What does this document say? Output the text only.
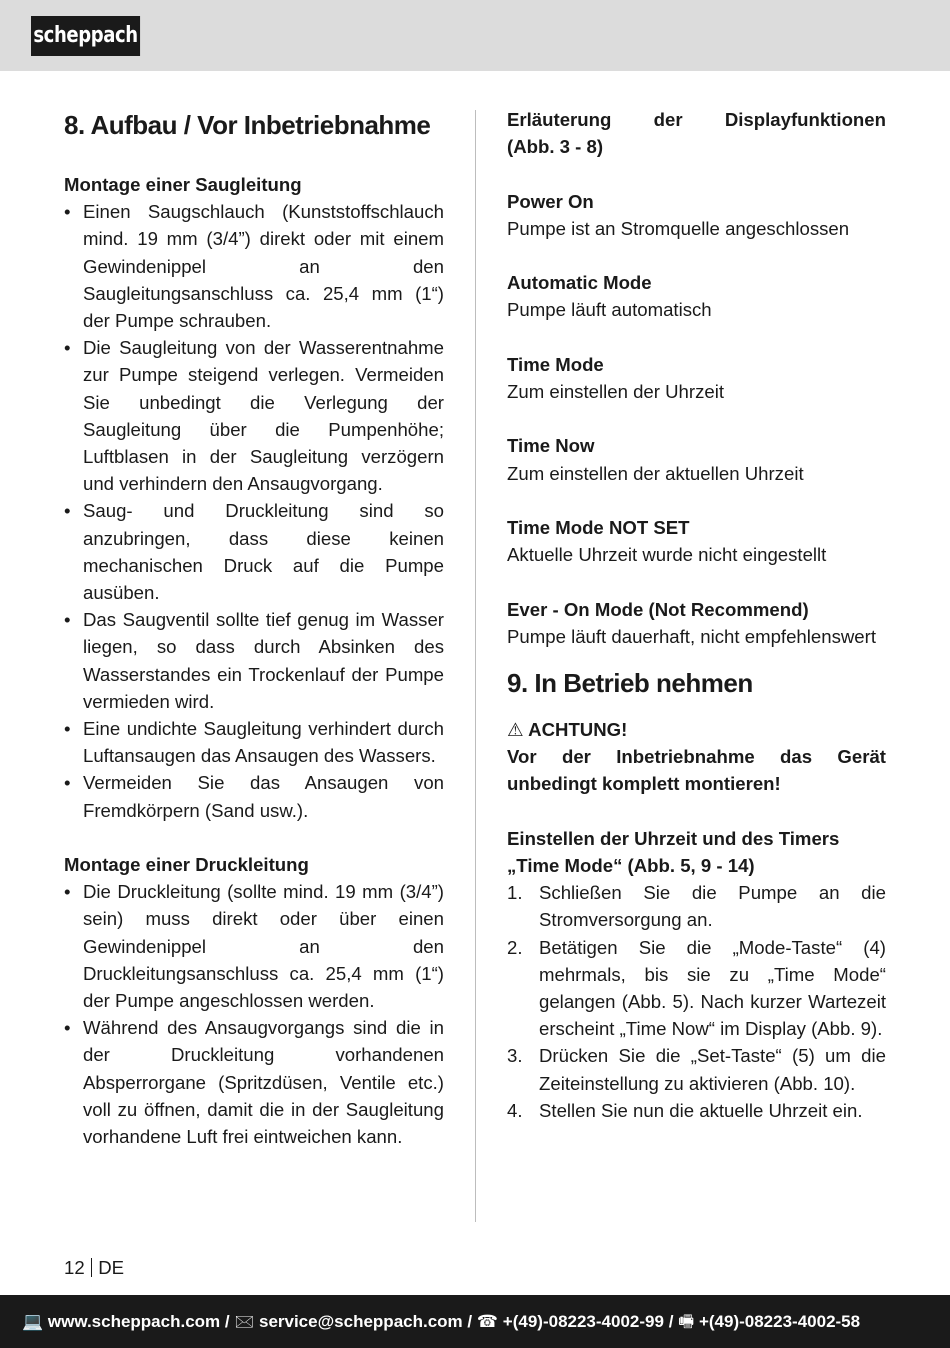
scheppach
8. Aufbau / Vor Inbetriebnahme
Montage einer Saugleitung
• Einen Saugschlauch (Kunststoffschlauch mind. 19 mm (3/4”) direkt oder mit einem Gewindenippel an den Saugleitungsanschluss ca. 25,4 mm (1“) der Pumpe schrauben.
• Die Saugleitung von der Wasserentnahme zur Pumpe steigend verlegen. Vermeiden Sie unbedingt die Verlegung der Saugleitung über die Pumpenhöhe; Luftblasen in der Saugleitung verzögern und verhindern den Ansaugvorgang.
• Saug- und Druckleitung sind so anzubringen, dass diese keinen mechanischen Druck auf die Pumpe ausüben.
• Das Saugventil sollte tief genug im Wasser liegen, so dass durch Absinken des Wasserstandes ein Trockenlauf der Pumpe vermieden wird.
• Eine undichte Saugleitung verhindert durch Luftansaugen das Ansaugen des Wassers.
• Vermeiden Sie das Ansaugen von Fremdkörpern (Sand usw.).
Montage einer Druckleitung
• Die Druckleitung (sollte mind. 19 mm (3/4”) sein) muss direkt oder über einen Gewindenippel an den Druckleitungsanschluss ca. 25,4 mm (1“) der Pumpe angeschlossen werden.
• Während des Ansaugvorgangs sind die in der Druckleitung vorhandenen Absperrorgane (Spritzdüsen, Ventile etc.) voll zu öffnen, damit die in der Saugleitung vorhandene Luft frei eintweichen kann.
Erläuterung der Displayfunktionen
(Abb. 3 - 8)
Power On
Pumpe ist an Stromquelle angeschlossen
Automatic Mode
Pumpe läuft automatisch
Time Mode
Zum einstellen der Uhrzeit
Time Now
Zum einstellen der aktuellen Uhrzeit
Time Mode NOT SET
Aktuelle Uhrzeit wurde nicht eingestellt
Ever - On Mode (Not Recommend)
Pumpe läuft dauerhaft, nicht empfehlenswert
9. In Betrieb nehmen
⚠ ACHTUNG!
Vor der Inbetriebnahme das Gerät unbedingt komplett montieren!
Einstellen der Uhrzeit und des Timers
„Time Mode“ (Abb. 5, 9 - 14)
1. Schließen Sie die Pumpe an die Stromversorgung an.
2. Betätigen Sie die „Mode-Taste“ (4) mehrmals, bis sie zu „Time Mode“ gelangen (Abb. 5). Nach kurzer Wartezeit erscheint „Time Now“ im Display (Abb. 9).
3. Drücken Sie die „Set-Taste“ (5) um die Zeiteinstellung zu aktivieren (Abb. 10).
4. Stellen Sie nun die aktuelle Uhrzeit ein.
12 DE
💻 www.scheppach.com / 🖂 service@scheppach.com / ☎ +(49)-08223-4002-99 / 🖷 +(49)-08223-4002-58
